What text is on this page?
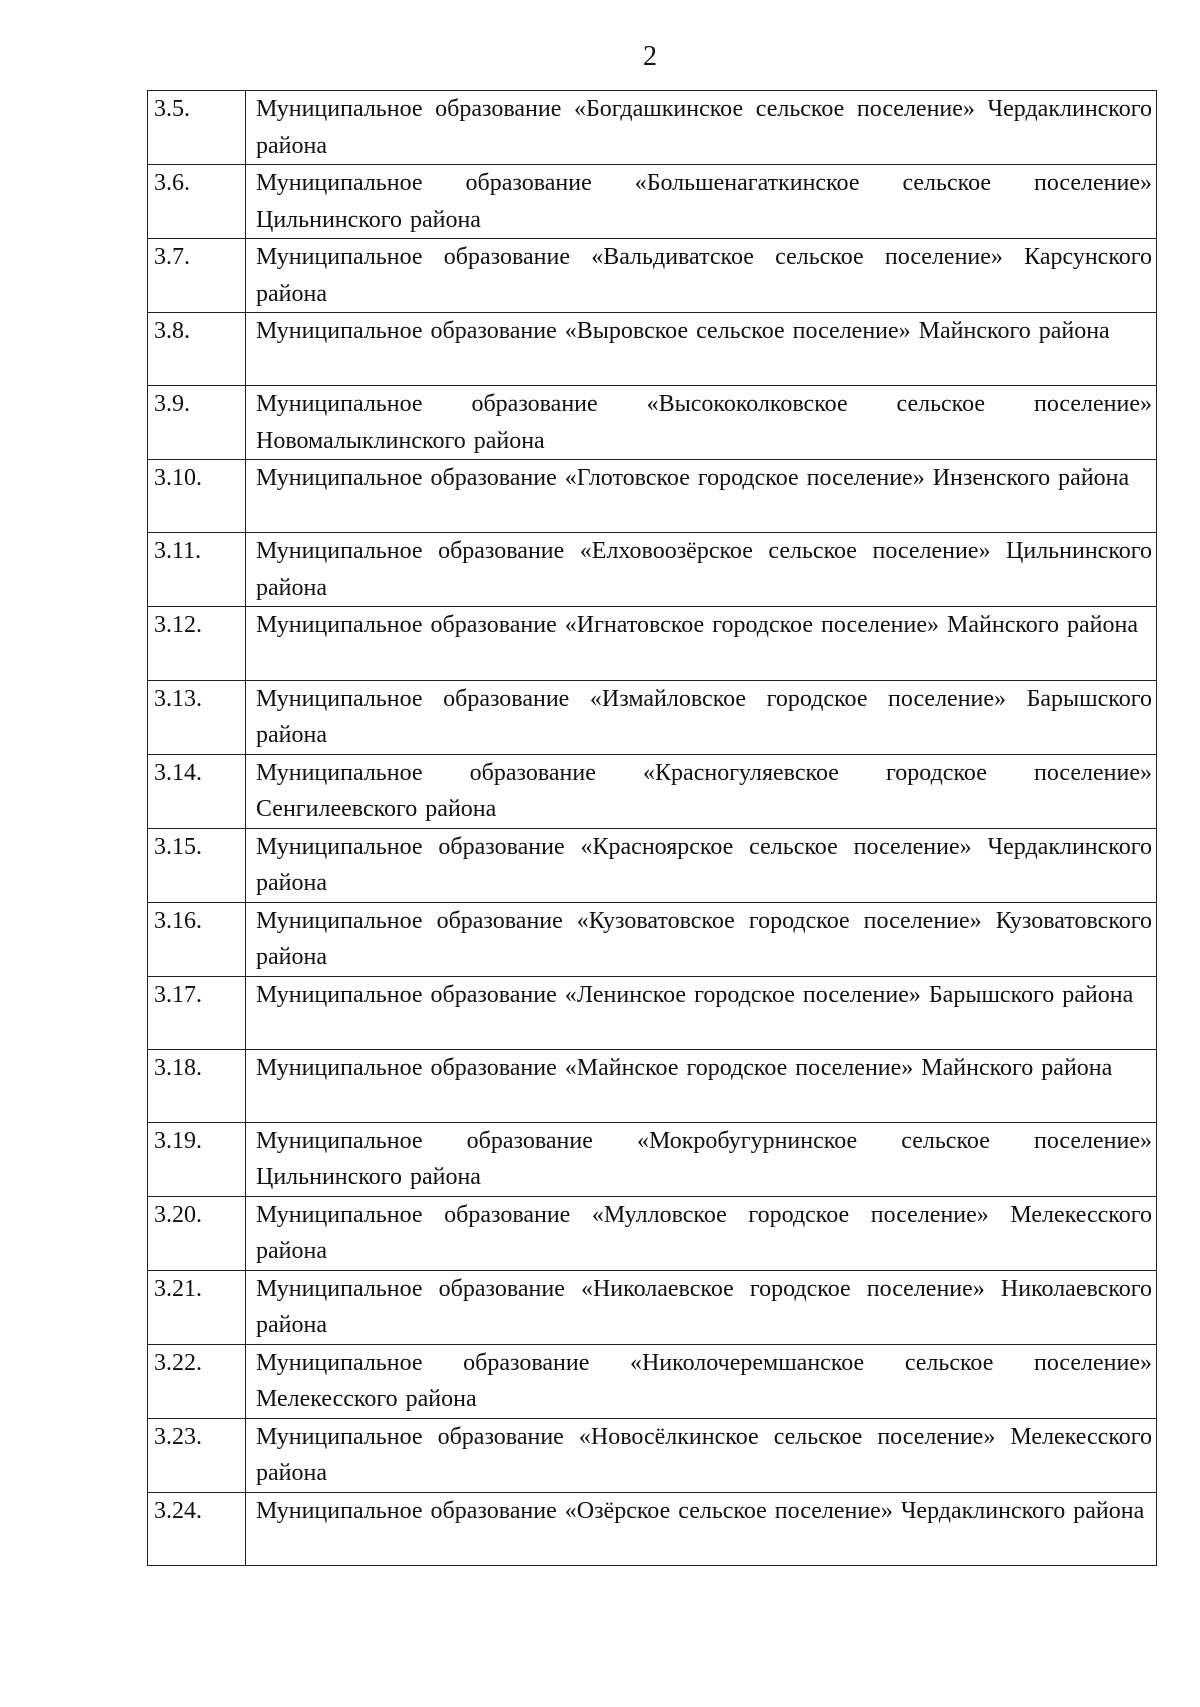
2
3.5.	Муниципальное образование «Богдашкинское сельское поселение» Чердаклинского района
3.6.	Муниципальное образование «Большенагаткинское сельское поселение» Цильнинского района
3.7.	Муниципальное образование «Вальдиватское сельское поселение» Карсунского района
3.8.	Муниципальное образование «Выровское сельское поселение» Майнского района
3.9.	Муниципальное образование «Высококолковское сельское поселение» Новомалыклинского района
3.10.	Муниципальное образование «Глотовское городское поселение» Инзенского района
3.11.	Муниципальное образование «Елховоозёрское сельское поселение» Цильнинского района
3.12.	Муниципальное образование «Игнатовское городское поселение» Майнского района
3.13.	Муниципальное образование «Измайловское городское поселение» Барышского района
3.14.	Муниципальное образование «Красногуляевское городское поселение» Сенгилеевского района
3.15.	Муниципальное образование «Красноярское сельское поселение» Чердаклинского района
3.16.	Муниципальное образование «Кузоватовское городское поселение» Кузоватовского района
3.17.	Муниципальное образование «Ленинское городское поселение» Барышского района
3.18.	Муниципальное образование «Майнское городское поселение» Майнского района
3.19.	Муниципальное образование «Мокробугурнинское сельское поселение» Цильнинского района
3.20.	Муниципальное образование «Мулловское городское поселение» Мелекесского района
3.21.	Муниципальное образование «Николаевское городское поселение» Николаевского района
3.22.	Муниципальное образование «Николочеремшанское сельское поселение» Мелекесского района
3.23.	Муниципальное образование «Новосёлкинское сельское поселение» Мелекесского района
3.24.	Муниципальное образование «Озёрское сельское поселение» Чердаклинского района
